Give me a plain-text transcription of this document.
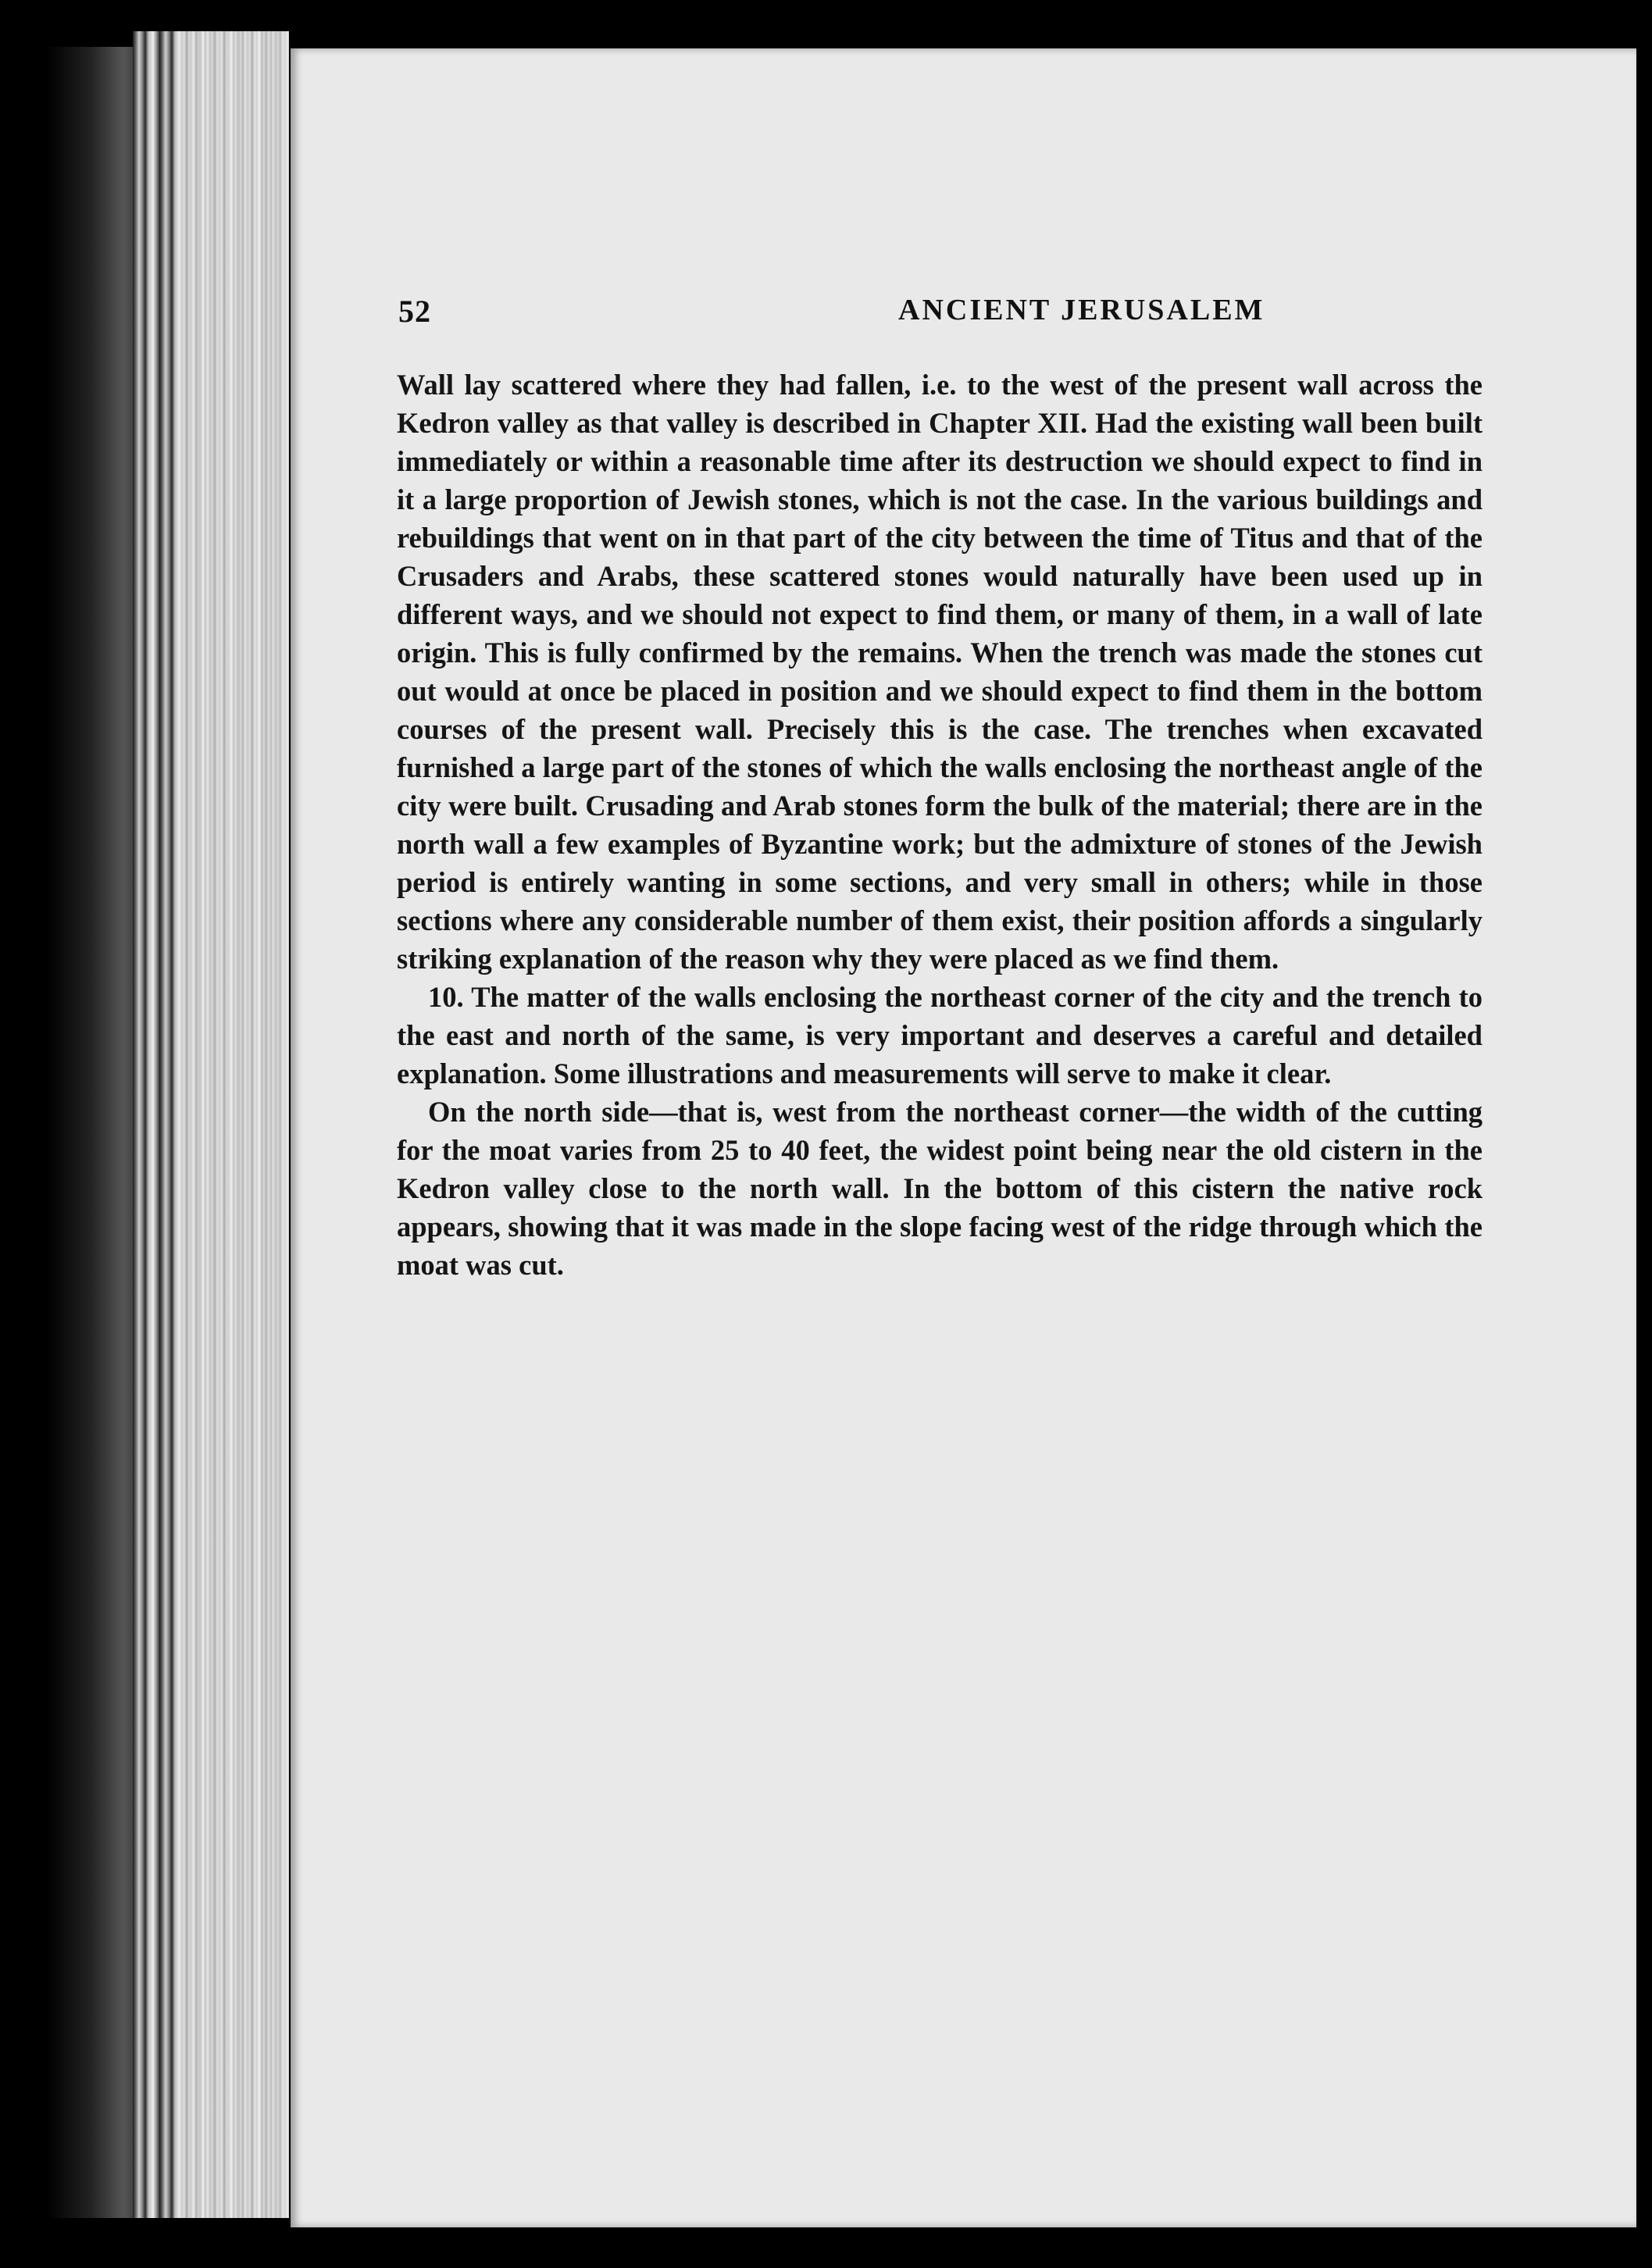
52	ANCIENT JERUSALEM

Wall lay scattered where they had fallen, i.e. to the west of the present wall across the Kedron valley as that valley is described in Chapter XII. Had the existing wall been built immediately or within a reasonable time after its destruction we should expect to find in it a large proportion of Jewish stones, which is not the case. In the various buildings and rebuildings that went on in that part of the city between the time of Titus and that of the Crusaders and Arabs, these scattered stones would naturally have been used up in different ways, and we should not expect to find them, or many of them, in a wall of late origin. This is fully confirmed by the remains. When the trench was made the stones cut out would at once be placed in position and we should expect to find them in the bottom courses of the present wall. Precisely this is the case. The trenches when excavated furnished a large part of the stones of which the walls enclosing the northeast angle of the city were built. Crusading and Arab stones form the bulk of the material; there are in the north wall a few examples of Byzantine work; but the admixture of stones of the Jewish period is entirely wanting in some sections, and very small in others; while in those sections where any considerable number of them exist, their position affords a singularly striking explanation of the reason why they were placed as we find them.

10. The matter of the walls enclosing the northeast corner of the city and the trench to the east and north of the same, is very important and deserves a careful and detailed explanation. Some illustrations and measurements will serve to make it clear.

On the north side—that is, west from the northeast corner—the width of the cutting for the moat varies from 25 to 40 feet, the widest point being near the old cistern in the Kedron valley close to the north wall. In the bottom of this cistern the native rock appears, showing that it was made in the slope facing west of the ridge through which the moat was cut.
